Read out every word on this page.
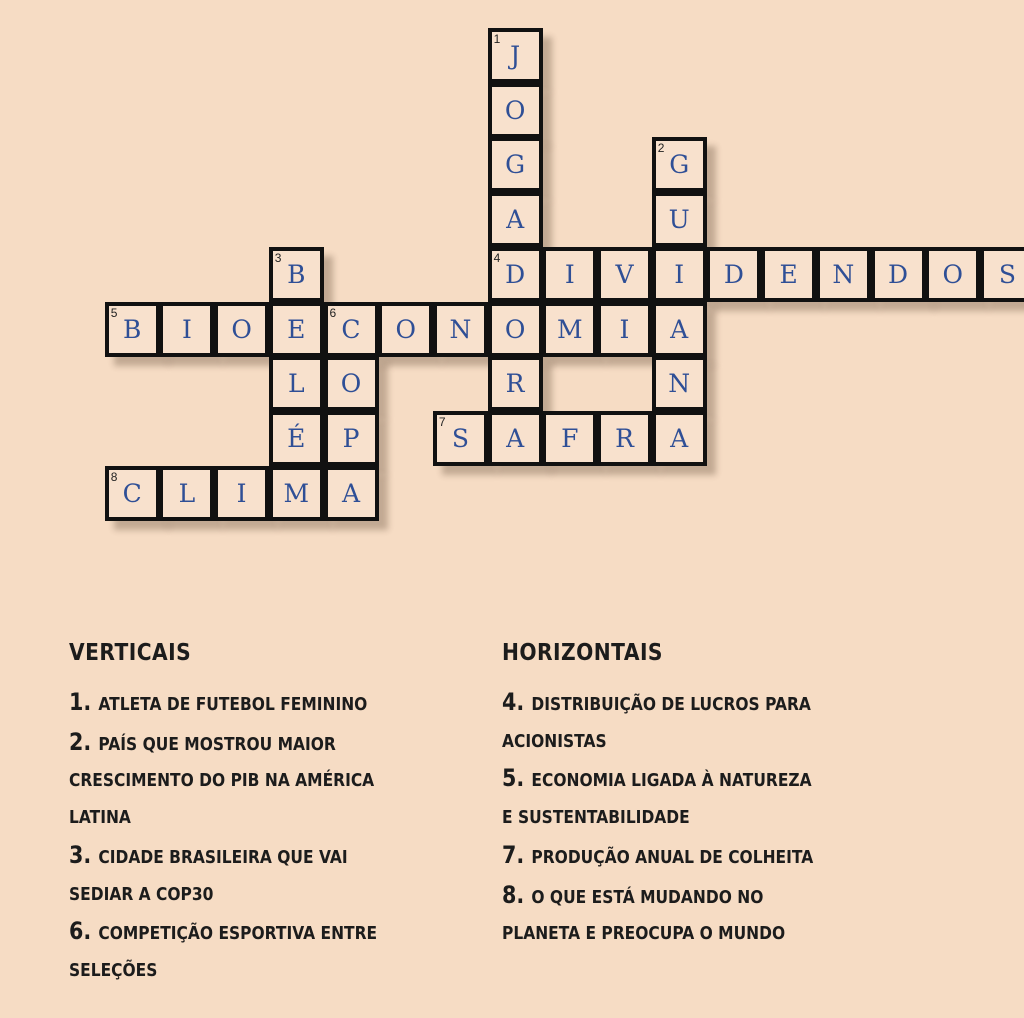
J
1
O
G	G
2
A	U
B
3
D
4
I	V	I	D	E	N	D	O	S
B
5
I	O	E	C
6
O	N	O	M	I	A
L	O	R	N
É	P	S
7
A	F	R	A
C
8
L	I	M	A
VERTICAIS
1. ATLETA DE FUTEBOL FEMININO
2. PAÍS QUE MOSTROU MAIOR
CRESCIMENTO DO PIB NA AMÉRICA
LATINA
3. CIDADE BRASILEIRA QUE VAI
SEDIAR A COP30
6. COMPETIÇÃO ESPORTIVA ENTRE
SELEÇÕES
HORIZONTAIS
4. DISTRIBUIÇÃO DE LUCROS PARA
ACIONISTAS
5. ECONOMIA LIGADA À NATUREZA
E SUSTENTABILIDADE
7. PRODUÇÃO ANUAL DE COLHEITA
8. O QUE ESTÁ MUDANDO NO
PLANETA E PREOCUPA O MUNDO
